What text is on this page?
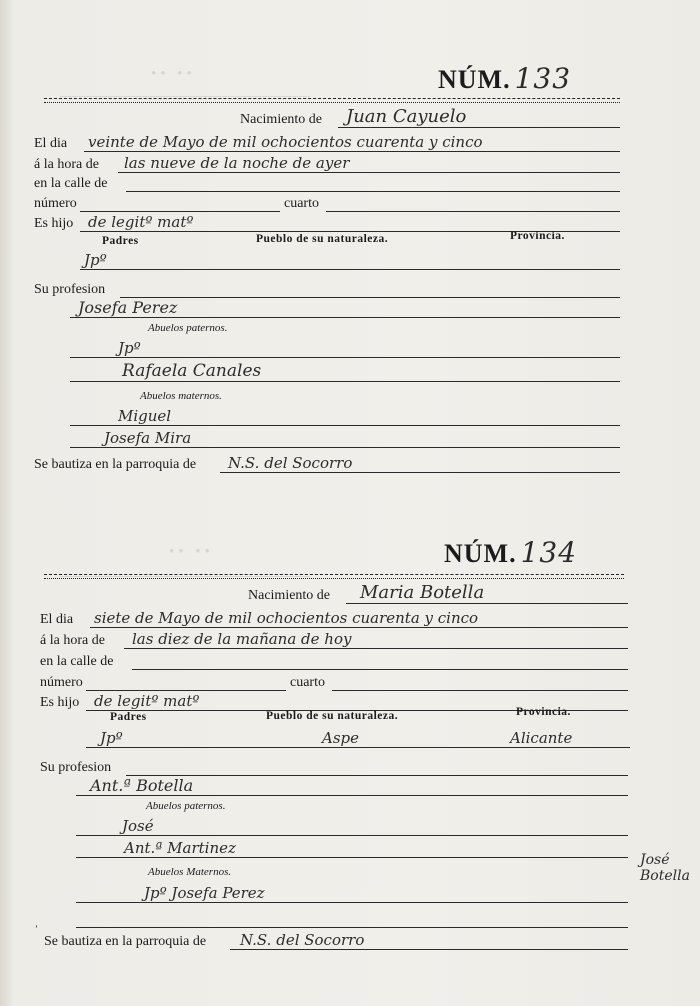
·· ··
·· ··
NÚM. 133
Nacimiento de Juan Cayuelo
El dia veinte de Mayo de mil ochocientos cuarenta y cinco
á la hora de las nueve de la noche de ayer
en la calle de
número	cuarto
Es hijo de legitº matº
Padres	Pueblo de su naturaleza.	Provincia.
Jpº
Su profesion
Josefa Perez
Abuelos paternos.
Jpº
Rafaela Canales
Abuelos maternos.
Miguel
Josefa Mira
Se bautiza en la parroquia de N.S. del Socorro
NÚM. 134
Nacimiento de Maria Botella
El dia siete de Mayo de mil ochocientos cuarenta y cinco
á la hora de las diez de la mañana de hoy
en la calle de
número	cuarto
Es hijo de legitº matº
Padres	Pueblo de su naturaleza.	Provincia.
Jpº	Aspe	Alicante
Su profesion
Ant.ª Botella
Abuelos paternos.
José
Ant.ª Martinez
Abuelos Maternos.
Jpº Josefa Perez
ˈ
Se bautiza en la parroquia de N.S. del Socorro
José Botella
